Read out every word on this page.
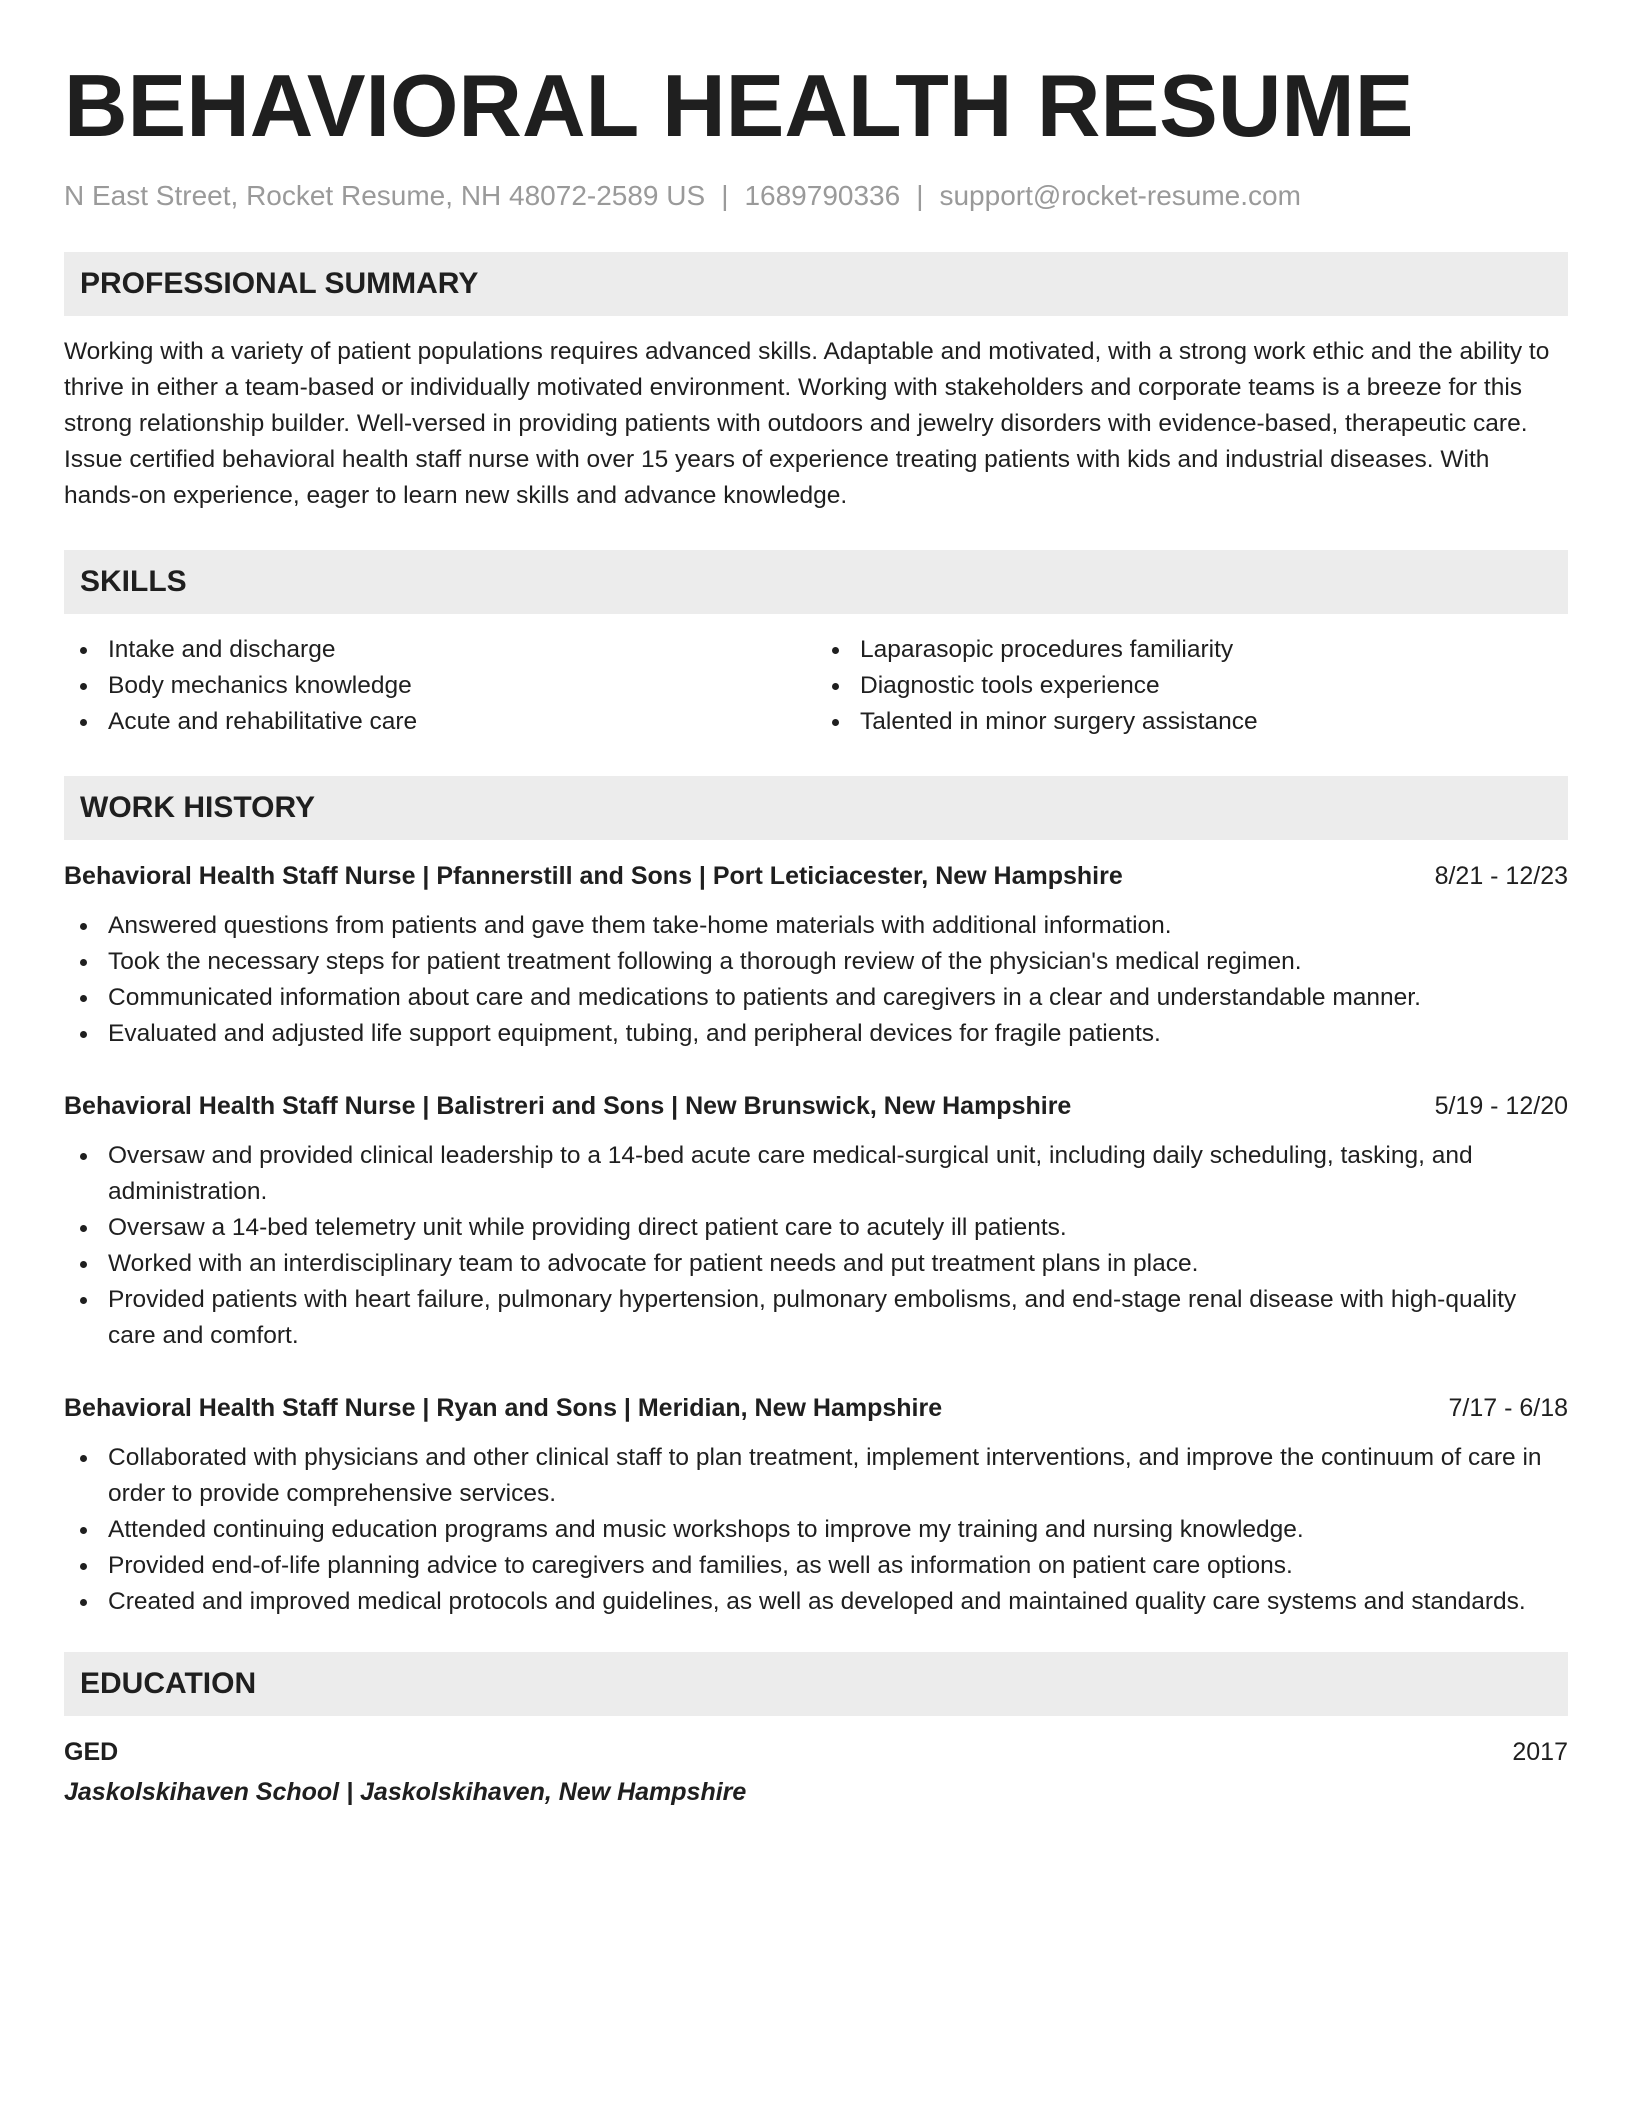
BEHAVIORAL HEALTH RESUME
N East Street, Rocket Resume, NH 48072-2589 US | 1689790336 | support@rocket-resume.com
PROFESSIONAL SUMMARY
Working with a variety of patient populations requires advanced skills. Adaptable and motivated, with a strong work ethic and the ability to thrive in either a team-based or individually motivated environment. Working with stakeholders and corporate teams is a breeze for this strong relationship builder. Well-versed in providing patients with outdoors and jewelry disorders with evidence-based, therapeutic care. Issue certified behavioral health staff nurse with over 15 years of experience treating patients with kids and industrial diseases. With hands-on experience, eager to learn new skills and advance knowledge.
SKILLS
Intake and discharge
Body mechanics knowledge
Acute and rehabilitative care
Laparasopic procedures familiarity
Diagnostic tools experience
Talented in minor surgery assistance
WORK HISTORY
Behavioral Health Staff Nurse | Pfannerstill and Sons | Port Leticiacester, New Hampshire	8/21 - 12/23
Answered questions from patients and gave them take-home materials with additional information.
Took the necessary steps for patient treatment following a thorough review of the physician's medical regimen.
Communicated information about care and medications to patients and caregivers in a clear and understandable manner.
Evaluated and adjusted life support equipment, tubing, and peripheral devices for fragile patients.
Behavioral Health Staff Nurse | Balistreri and Sons | New Brunswick, New Hampshire	5/19 - 12/20
Oversaw and provided clinical leadership to a 14-bed acute care medical-surgical unit, including daily scheduling, tasking, and administration.
Oversaw a 14-bed telemetry unit while providing direct patient care to acutely ill patients.
Worked with an interdisciplinary team to advocate for patient needs and put treatment plans in place.
Provided patients with heart failure, pulmonary hypertension, pulmonary embolisms, and end-stage renal disease with high-quality care and comfort.
Behavioral Health Staff Nurse | Ryan and Sons | Meridian, New Hampshire	7/17 - 6/18
Collaborated with physicians and other clinical staff to plan treatment, implement interventions, and improve the continuum of care in order to provide comprehensive services.
Attended continuing education programs and music workshops to improve my training and nursing knowledge.
Provided end-of-life planning advice to caregivers and families, as well as information on patient care options.
Created and improved medical protocols and guidelines, as well as developed and maintained quality care systems and standards.
EDUCATION
GED	2017
Jaskolskihaven School | Jaskolskihaven, New Hampshire
